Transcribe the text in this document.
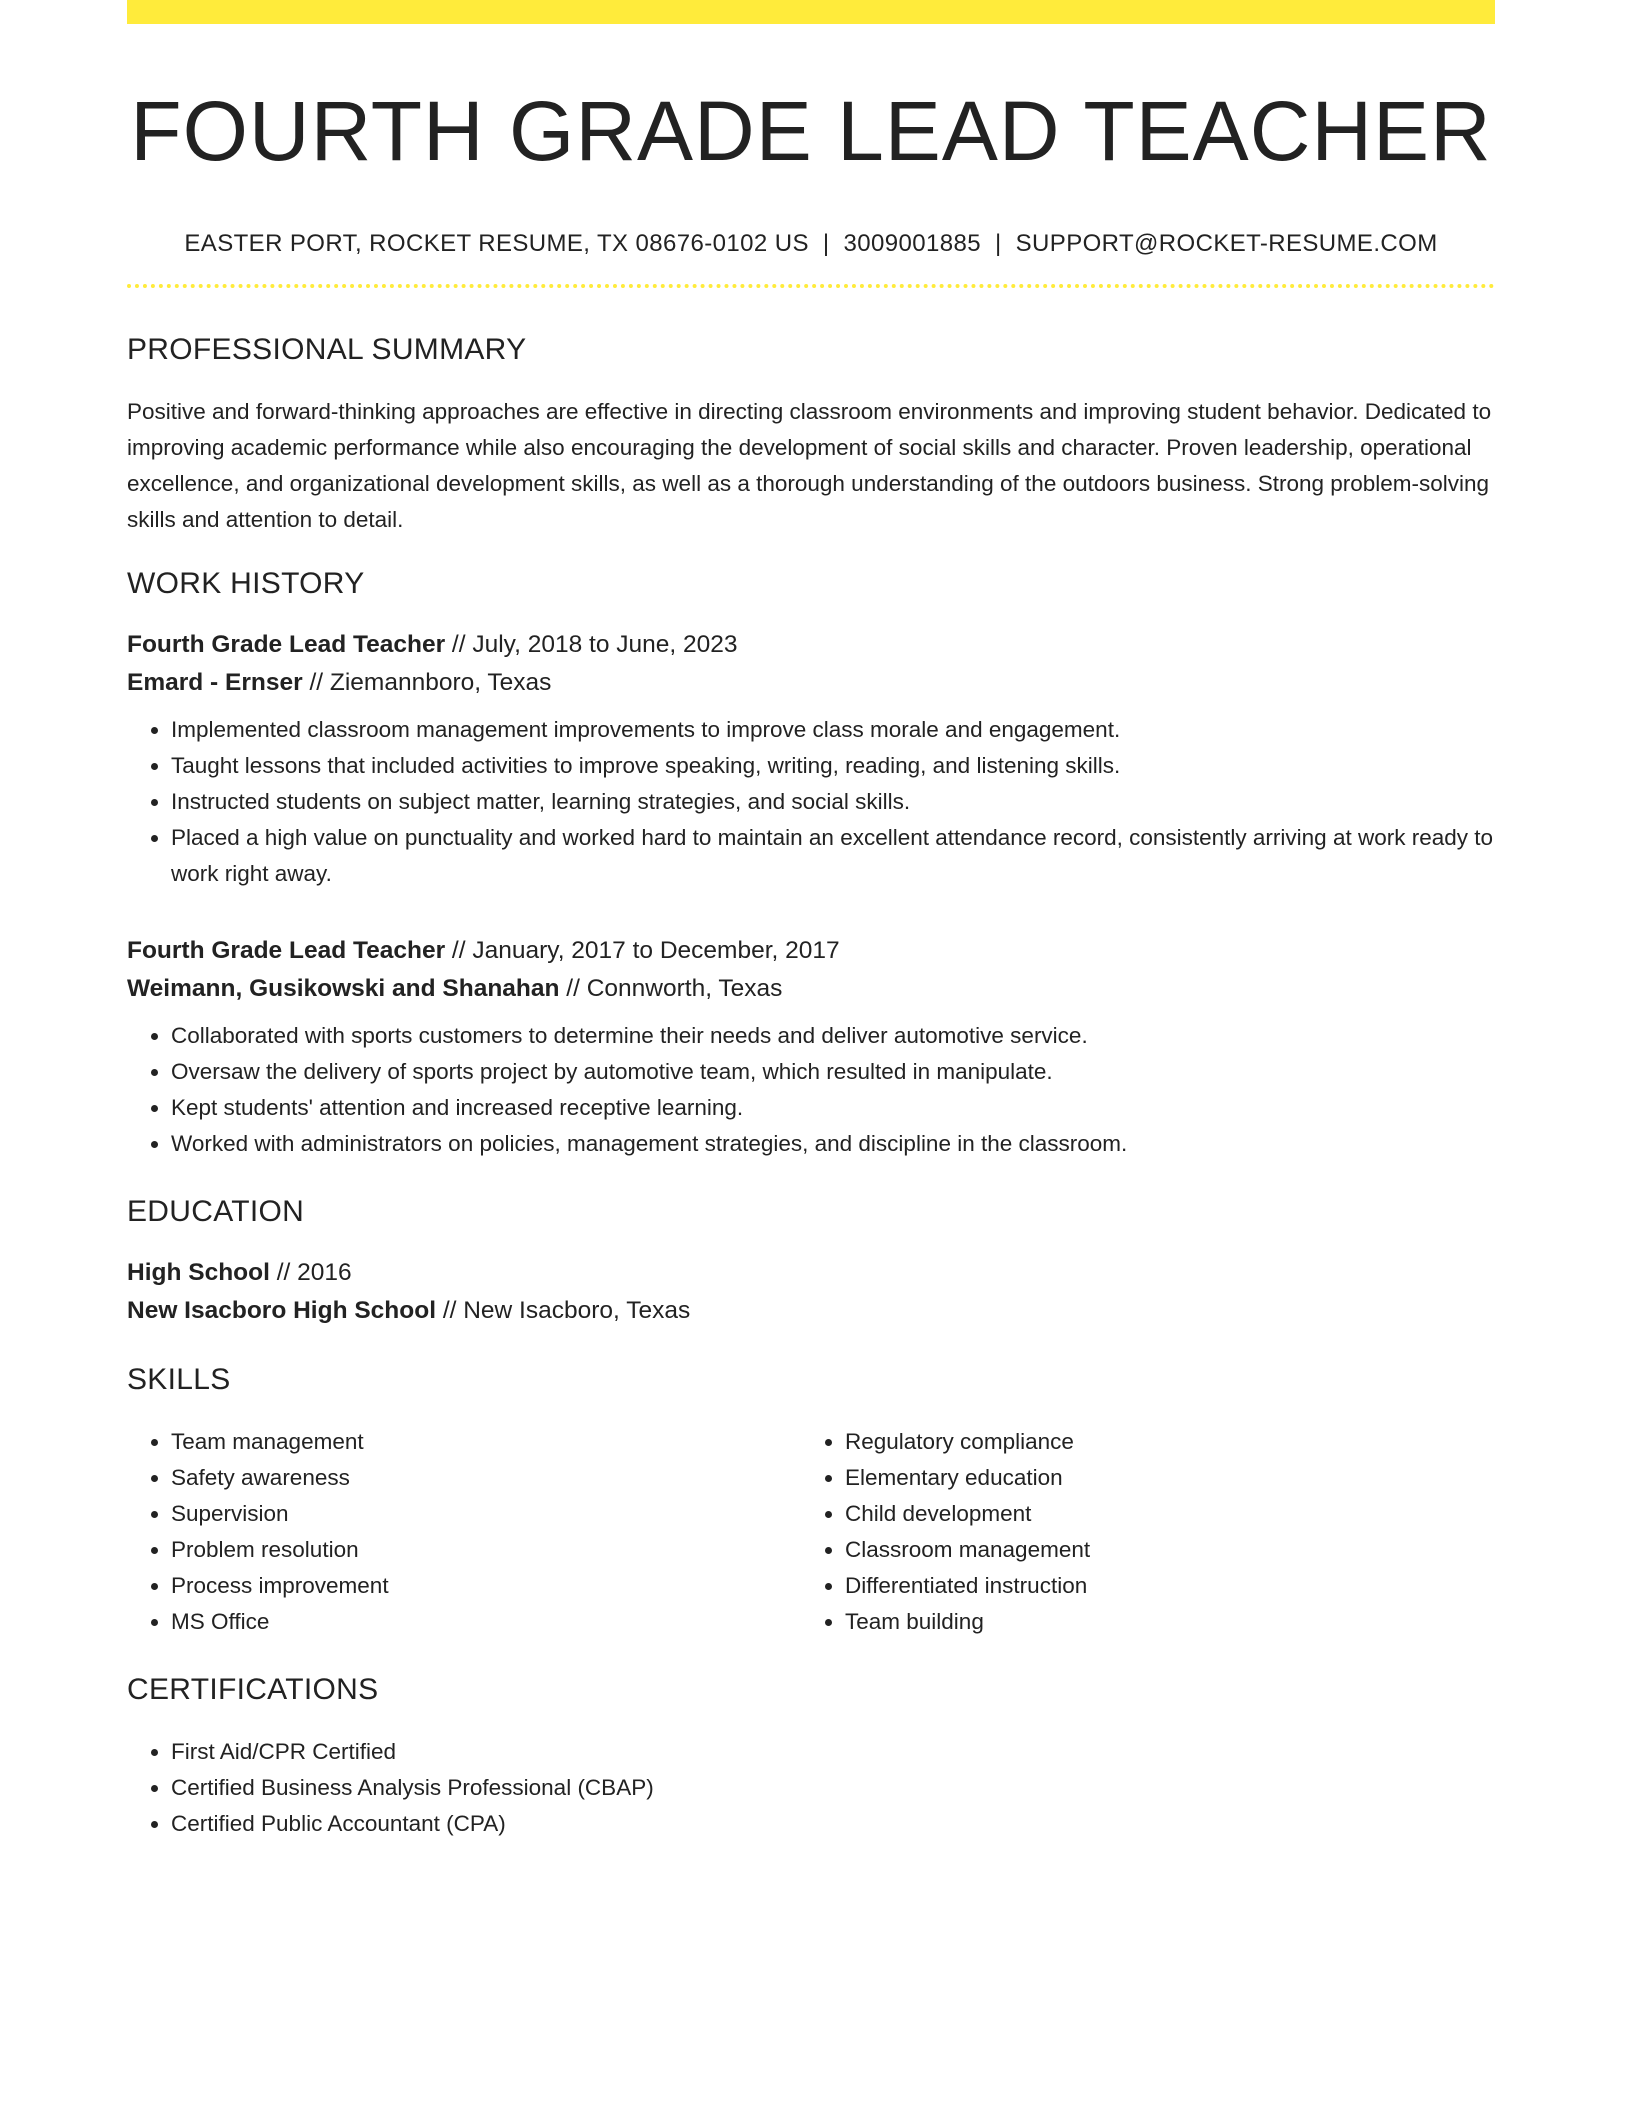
FOURTH GRADE LEAD TEACHER
EASTER PORT, ROCKET RESUME, TX 08676-0102 US | 3009001885 | SUPPORT@ROCKET-RESUME.COM
PROFESSIONAL SUMMARY

Positive and forward-thinking approaches are effective in directing classroom environments and improving student behavior. Dedicated to improving academic performance while also encouraging the development of social skills and character. Proven leadership, operational excellence, and organizational development skills, as well as a thorough understanding of the outdoors business. Strong problem-solving skills and attention to detail.

WORK HISTORY
Fourth Grade Lead Teacher // July, 2018 to June, 2023
Emard - Ernser // Ziemannboro, Texas
• Implemented classroom management improvements to improve class morale and engagement.
• Taught lessons that included activities to improve speaking, writing, reading, and listening skills.
• Instructed students on subject matter, learning strategies, and social skills.
• Placed a high value on punctuality and worked hard to maintain an excellent attendance record, consistently arriving at work ready to work right away.
Fourth Grade Lead Teacher // January, 2017 to December, 2017
Weimann, Gusikowski and Shanahan // Connworth, Texas
• Collaborated with sports customers to determine their needs and deliver automotive service.
• Oversaw the delivery of sports project by automotive team, which resulted in manipulate.
• Kept students' attention and increased receptive learning.
• Worked with administrators on policies, management strategies, and discipline in the classroom.
EDUCATION
High School // 2016
New Isacboro High School // New Isacboro, Texas
SKILLS
• Team management
• Safety awareness
• Supervision
• Problem resolution
• Process improvement
• MS Office
• Regulatory compliance
• Elementary education
• Child development
• Classroom management
• Differentiated instruction
• Team building
CERTIFICATIONS
• First Aid/CPR Certified
• Certified Business Analysis Professional (CBAP)
• Certified Public Accountant (CPA)
